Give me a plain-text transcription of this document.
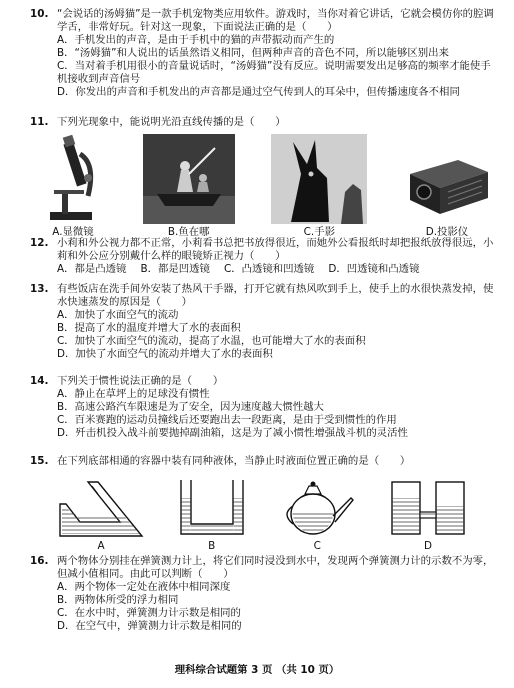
10. “会说话的汤姆猫”是一款手机宠物类应用软件。游戏时，当你对着它讲话，它就会模仿你的腔调学舌，非常好玩。针对这一现象，下面说法正确的是（　　）
A．手机发出的声音，是由于手机中的猫的声带振动而产生的
B．“汤姆猫”和人说出的话虽然语义相同，但两种声音的音色不同，所以能够区别出来
C．当对着手机用很小的音量说话时，“汤姆猫”没有反应。说明需要发出足够高的频率才能使手机接收到声音信号
D．你发出的声音和手机发出的声音都是通过空气传到人的耳朵中，但传播速度各不相同
11. 下列光现象中，能说明光沿直线传播的是（　　）
A.显微镜	B.鱼在哪	C.手影	D.投影仪
12. 小莉和外公视力都不正常，小莉看书总把书放得很近，而她外公看报纸时却把报纸放得很远，小莉和外公应分别戴什么样的眼镜矫正视力（　　）
A．都是凸透镜 B．都是凹透镜 C．凸透镜和凹透镜 D．凹透镜和凸透镜
13. 有些饭店在洗手间外安装了热风干手器，打开它就有热风吹到手上，使手上的水很快蒸发掉，使水快速蒸发的原因是（　　）
A．加快了水面空气的流动
B．提高了水的温度并增大了水的表面积
C．加快了水面空气的流动，提高了水温，也可能增大了水的表面积
D．加快了水面空气的流动并增大了水的表面积
14. 下列关于惯性说法正确的是（　　）
A．静止在草坪上的足球没有惯性
B．高速公路汽车限速是为了安全，因为速度越大惯性越大
C．百米赛跑的运动员撞线后还要跑出去一段距离，是由于受到惯性的作用
D．歼击机投入战斗前要抛掉副油箱，这是为了减小惯性增强战斗机的灵活性
15. 在下列底部相通的容器中装有同种液体，当静止时液面位置正确的是（　　）
A	B	C	D
16. 两个物体分别挂在弹簧测力计上，将它们同时浸没到水中，发现两个弹簧测力计的示数不为零，但减小值相同。由此可以判断（　　）
A．两个物体一定处在液体中相同深度
B．两物体所受的浮力相同
C．在水中时，弹簧测力计示数是相同的
D．在空气中，弹簧测力计示数是相同的
理科综合试题第 3 页 （共 10 页）
